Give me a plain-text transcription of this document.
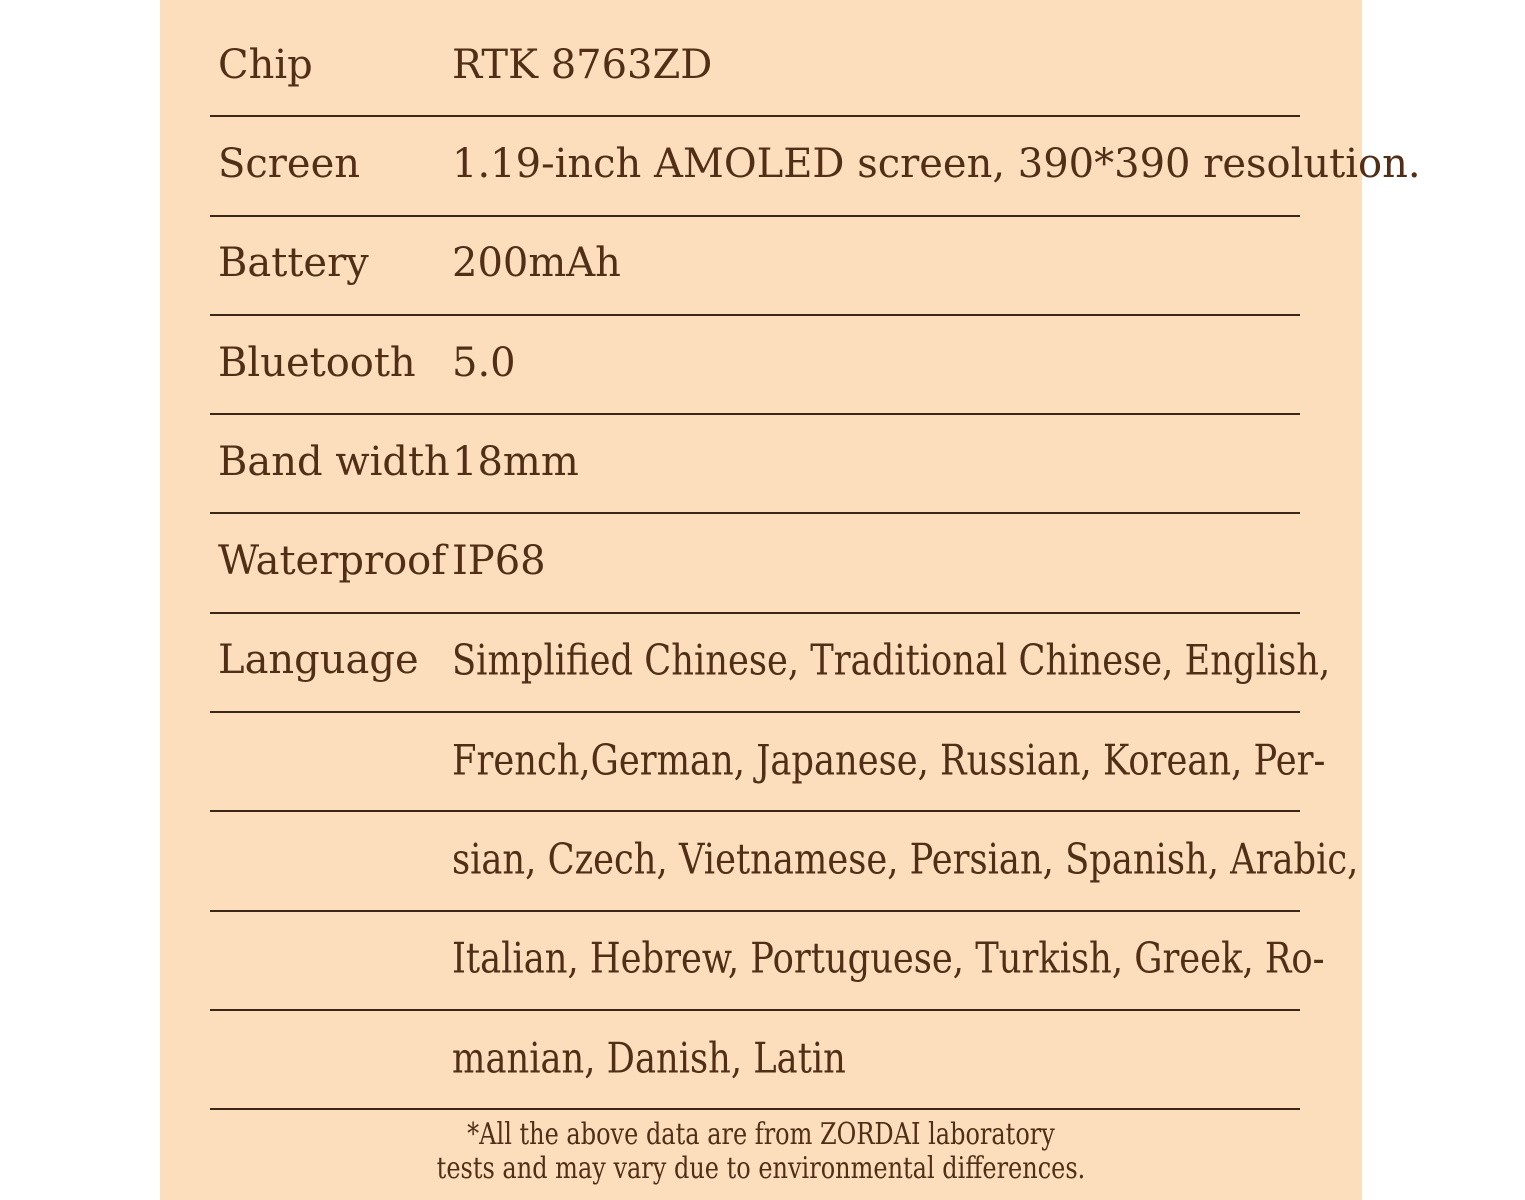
Chip	RTK 8763ZD
Screen 1.19-inch AMOLED screen, 390*390 resolution.
Battery 200mAh
Bluetooth 5.0
Band width 18mm
Waterproof IP68
Language Simplified Chinese, Traditional Chinese, English,
French,German, Japanese, Russian, Korean, Per-
sian, Czech, Vietnamese, Persian, Spanish, Arabic,
Italian, Hebrew, Portuguese, Turkish, Greek, Ro-
manian, Danish, Latin
*All the above data are from ZORDAI laboratory
tests and may vary due to environmental differences.
